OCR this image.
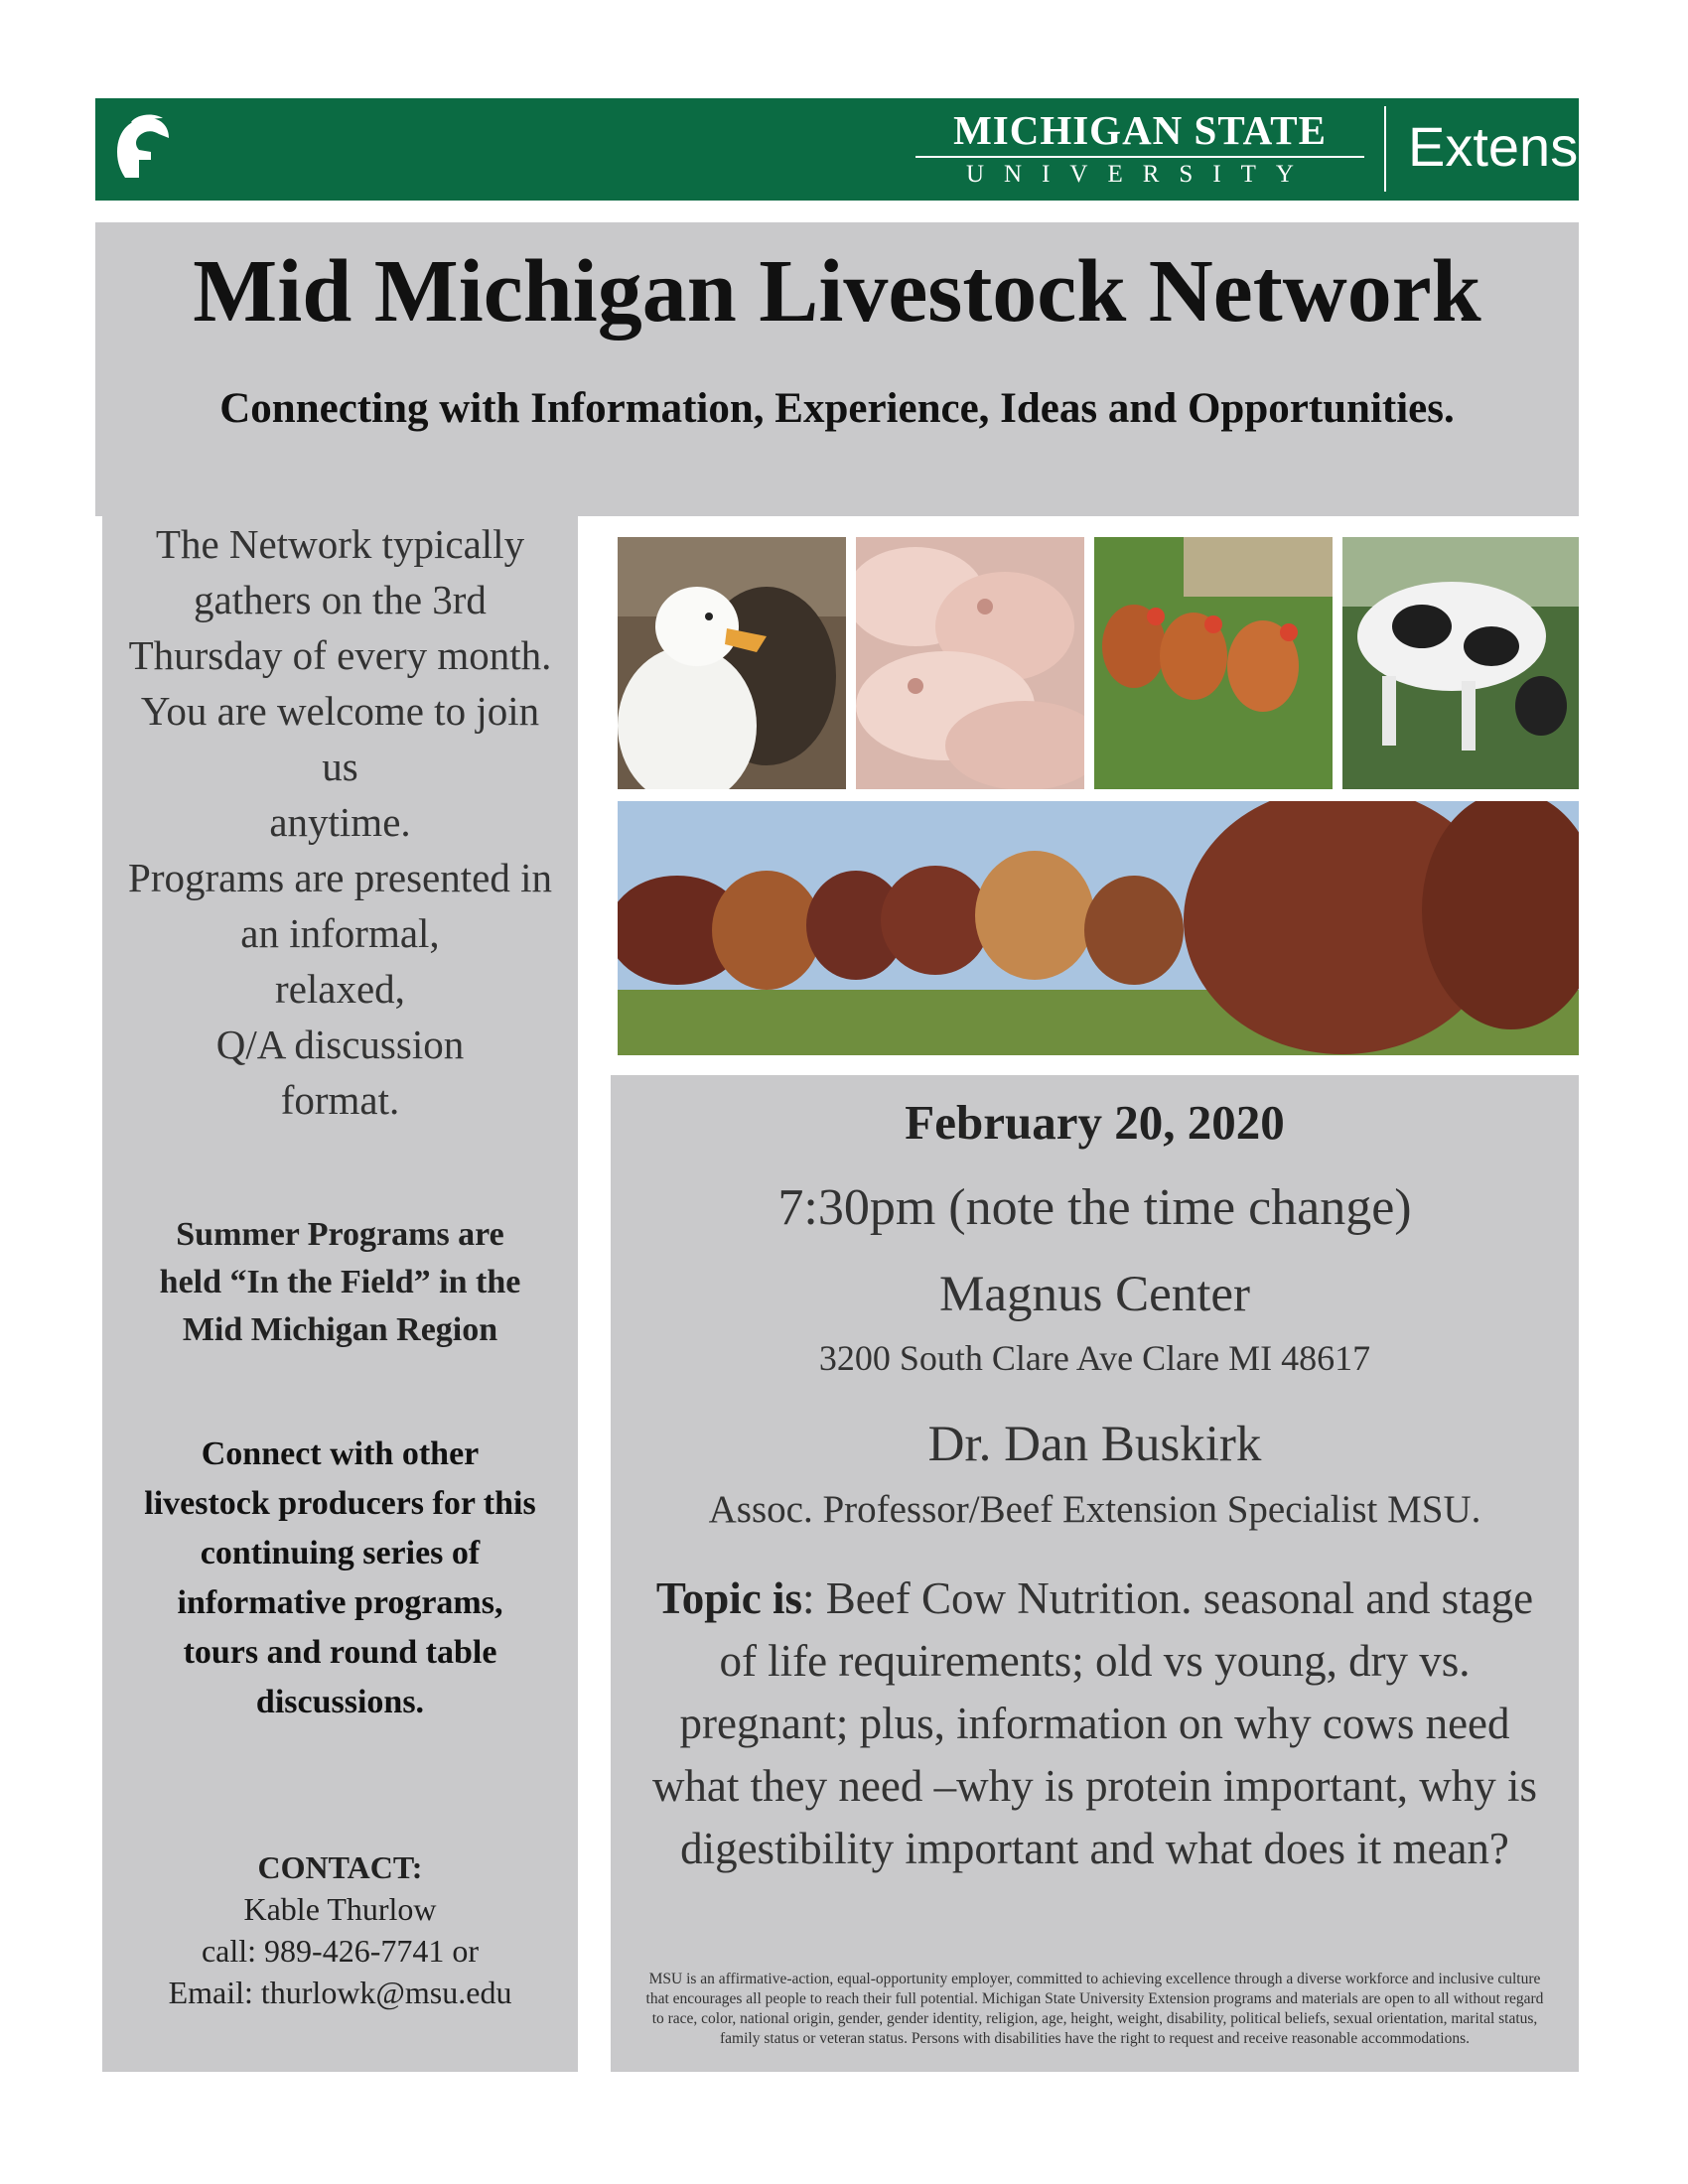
MICHIGAN STATE
UNIVERSITY	Extension
Mid Michigan Livestock Network
Connecting with Information, Experience, Ideas and Opportunities.
The Network typically
gathers on the 3rd
Thursday of every month.
You are welcome to join
us
anytime.
Programs are presented in
an informal,
relaxed,
Q/A discussion
format.
Summer Programs are
held “In the Field” in the
Mid Michigan Region
Connect with other
livestock producers for this
continuing series of
informative programs,
tours and round table
discussions.
CONTACT:
Kable Thurlow
call: 989-426-7741 or
Email: thurlowk@msu.edu
February 20, 2020
7:30pm (note the time change)
Magnus Center
3200 South Clare Ave Clare MI 48617
Dr. Dan Buskirk
Assoc. Professor/Beef Extension Specialist MSU.
Topic is: Beef Cow Nutrition. seasonal and stage of life requirements; old vs young, dry vs. pregnant; plus, information on why cows need what they need –why is protein important, why is digestibility important and what does it mean?
MSU is an affirmative-action, equal-opportunity employer, committed to achieving excellence through a diverse workforce and inclusive culture that encourages all people to reach their full potential. Michigan State University Extension programs and materials are open to all without regard to race, color, national origin, gender, gender identity, religion, age, height, weight, disability, political beliefs, sexual orientation, marital status, family status or veteran status. Persons with disabilities have the right to request and receive reasonable accommodations.
